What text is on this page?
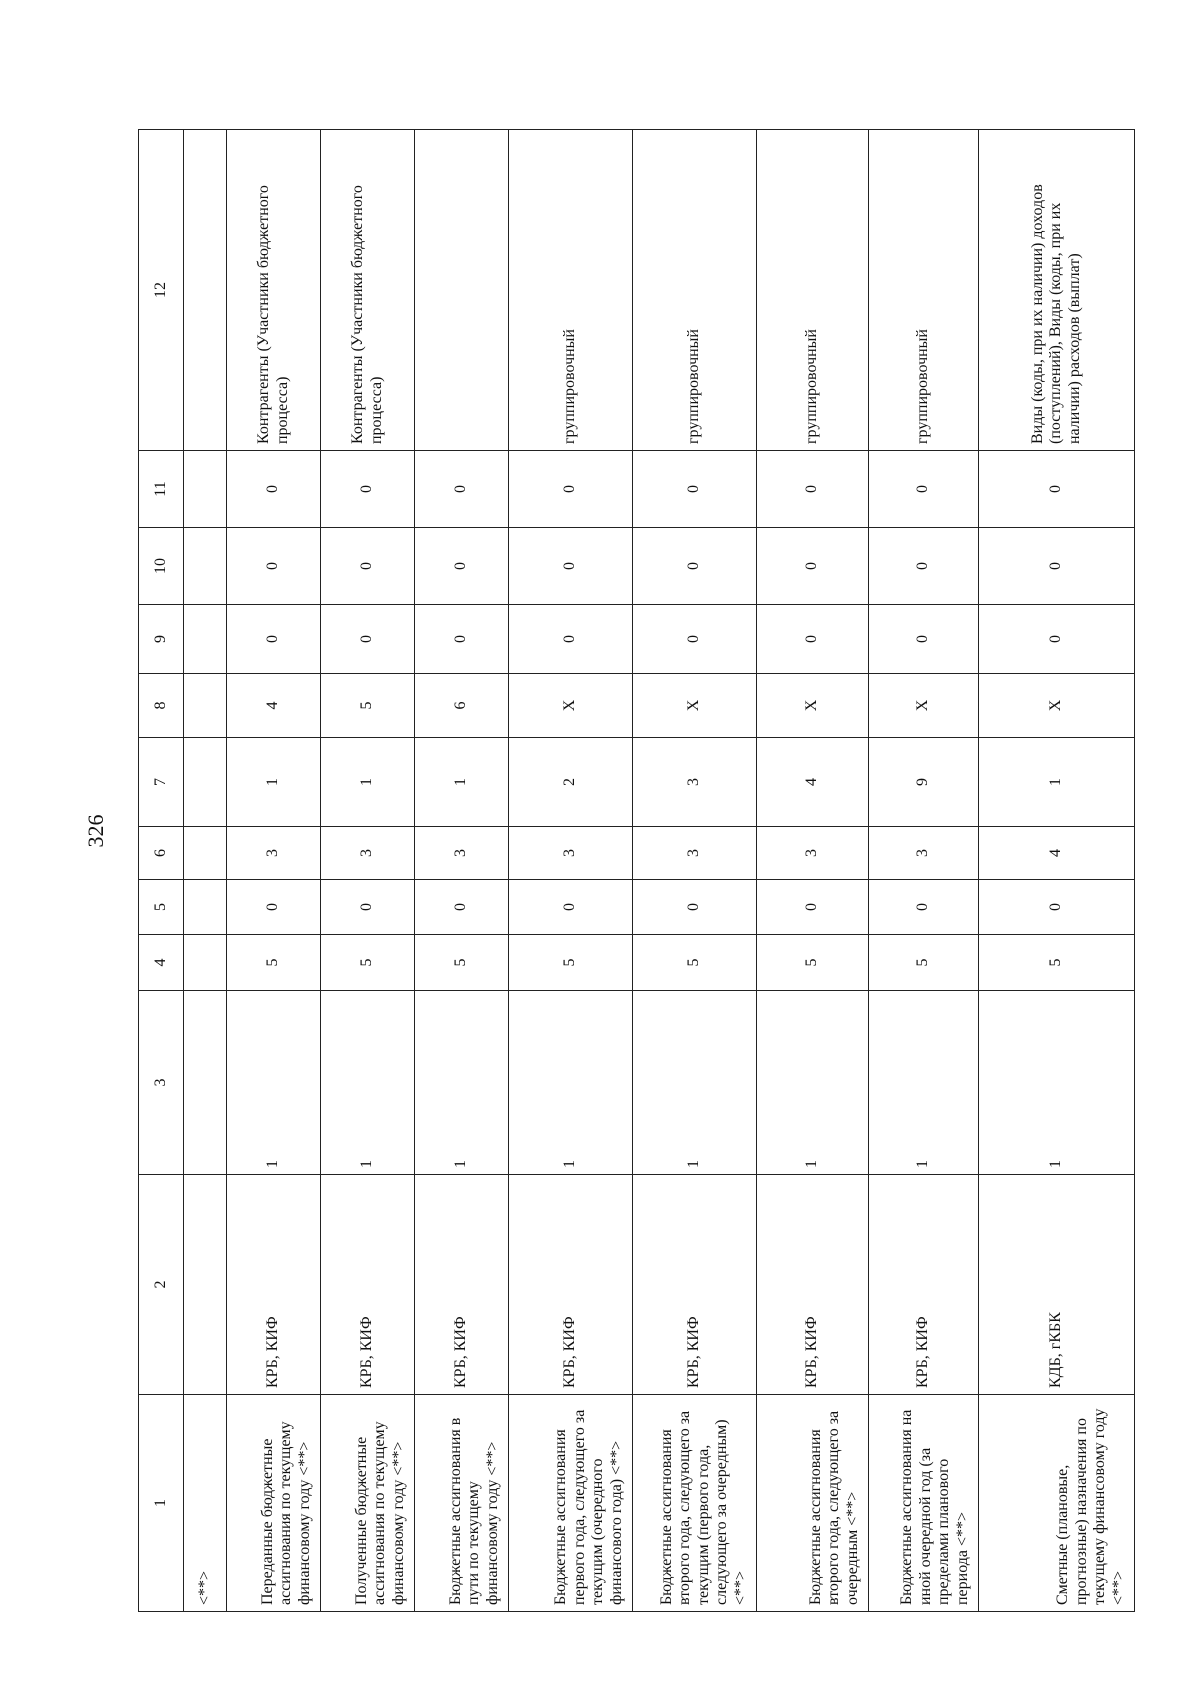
326
1	2	3		4	5	6	7	8	9	10	11	12
<**>												
Переданные бюджетные ассигнования по текущему финансовому году <**>	КРБ, КИФ	1		5	0	3	1	4	0	0	0	Контрагенты (Участники бюджетного процесса)
Полученные бюджетные ассигнования по текущему финансовому году <**>	КРБ, КИФ	1		5	0	3	1	5	0	0	0	Контрагенты (Участники бюджетного процесса)
Бюджетные ассигнования в пути по текущему финансовому году <**>	КРБ, КИФ	1		5	0	3	1	6	0	0	0	
Бюджетные ассигнования первого года, следующего за текущим (очередного финансового года) <**>	КРБ, КИФ	1		5	0	3	2	X	0	0	0	группировочный
Бюджетные ассигнования второго года, следующего за текущим (первого года, следующего за очередным) <**>	КРБ, КИФ	1		5	0	3	3	X	0	0	0	группировочный
Бюджетные ассигнования второго года, следующего за очередным <**>	КРБ, КИФ	1		5	0	3	4	X	0	0	0	группировочный
Бюджетные ассигнования на иной очередной год (за пределами планового периода <**>	КРБ, КИФ	1		5	0	3	9	X	0	0	0	группировочный
Сметные (плановые, прогнозные) назначения по текущему финансовому году <**>	КДБ, гКБК	1		5	0	4	1	X	0	0	0	Виды (коды, при их наличии) доходов (поступлений), Виды (коды, при их наличии) расходов (выплат)
